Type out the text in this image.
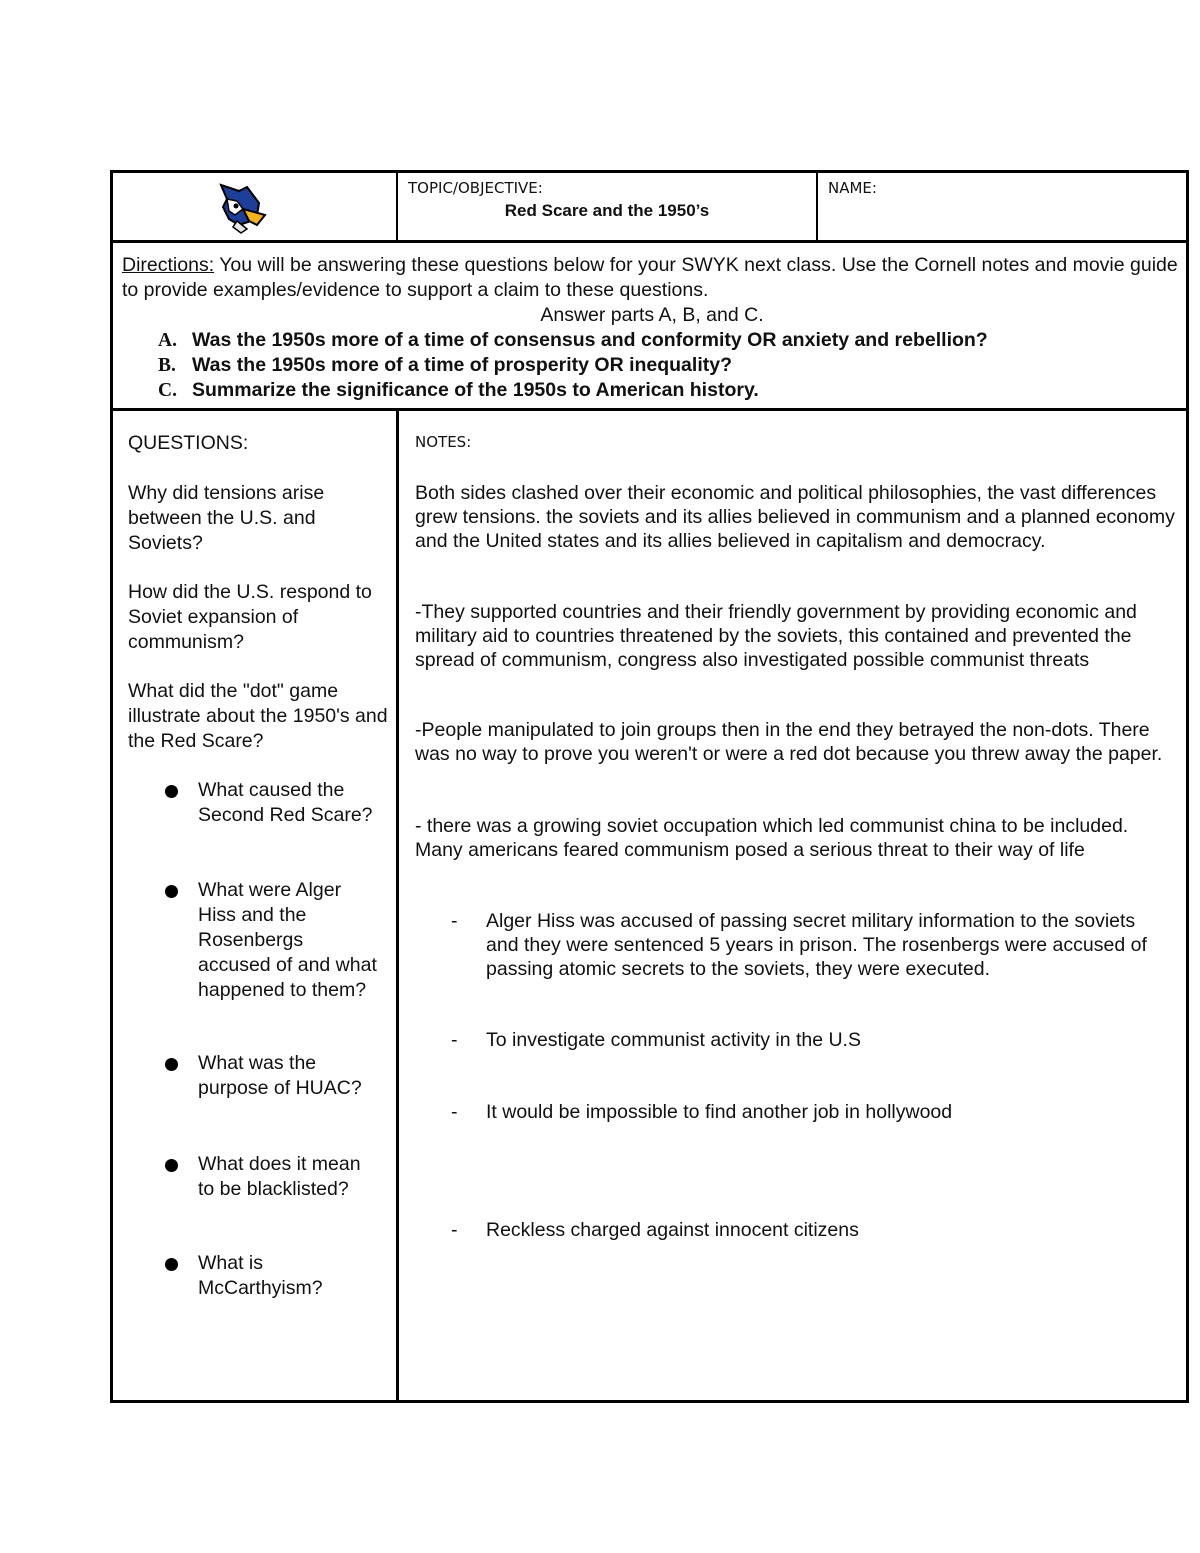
TOPIC/OBJECTIVE:
Red Scare and the 1950’s
NAME:
Directions: You will be answering these questions below for your SWYK next class. Use the Cornell notes and movie guide to provide examples/evidence to support a claim to these questions.
Answer parts A, B, and C.
A. Was the 1950s more of a time of consensus and conformity OR anxiety and rebellion?
B. Was the 1950s more of a time of prosperity OR inequality?
C. Summarize the significance of the 1950s to American history.
QUESTIONS:
Why did tensions arise between the U.S. and Soviets?
How did the U.S. respond to Soviet expansion of communism?
What did the "dot" game illustrate about the 1950's and the Red Scare?
What caused the Second Red Scare?
What were Alger Hiss and the Rosenbergs accused of and what happened to them?
What was the purpose of HUAC?
What does it mean to be blacklisted?
What is McCarthyism?
NOTES:
Both sides clashed over their economic and political philosophies, the vast differences grew tensions. the soviets and its allies believed in communism and a planned economy and the United states and its allies believed in capitalism and democracy.
-They supported countries and their friendly government by providing economic and military aid to countries threatened by the soviets, this contained and prevented the spread of communism, congress also investigated possible communist threats
-People manipulated to join groups then in the end they betrayed the non-dots. There was no way to prove you weren't or were a red dot because you threw away the paper.
- there was a growing soviet occupation which led communist china to be included. Many americans feared communism posed a serious threat to their way of life
- Alger Hiss was accused of passing secret military information to the soviets and they were sentenced 5 years in prison. The rosenbergs were accused of passing atomic secrets to the soviets, they were executed.
- To investigate communist activity in the U.S
- It would be impossible to find another job in hollywood
- Reckless charged against innocent citizens
